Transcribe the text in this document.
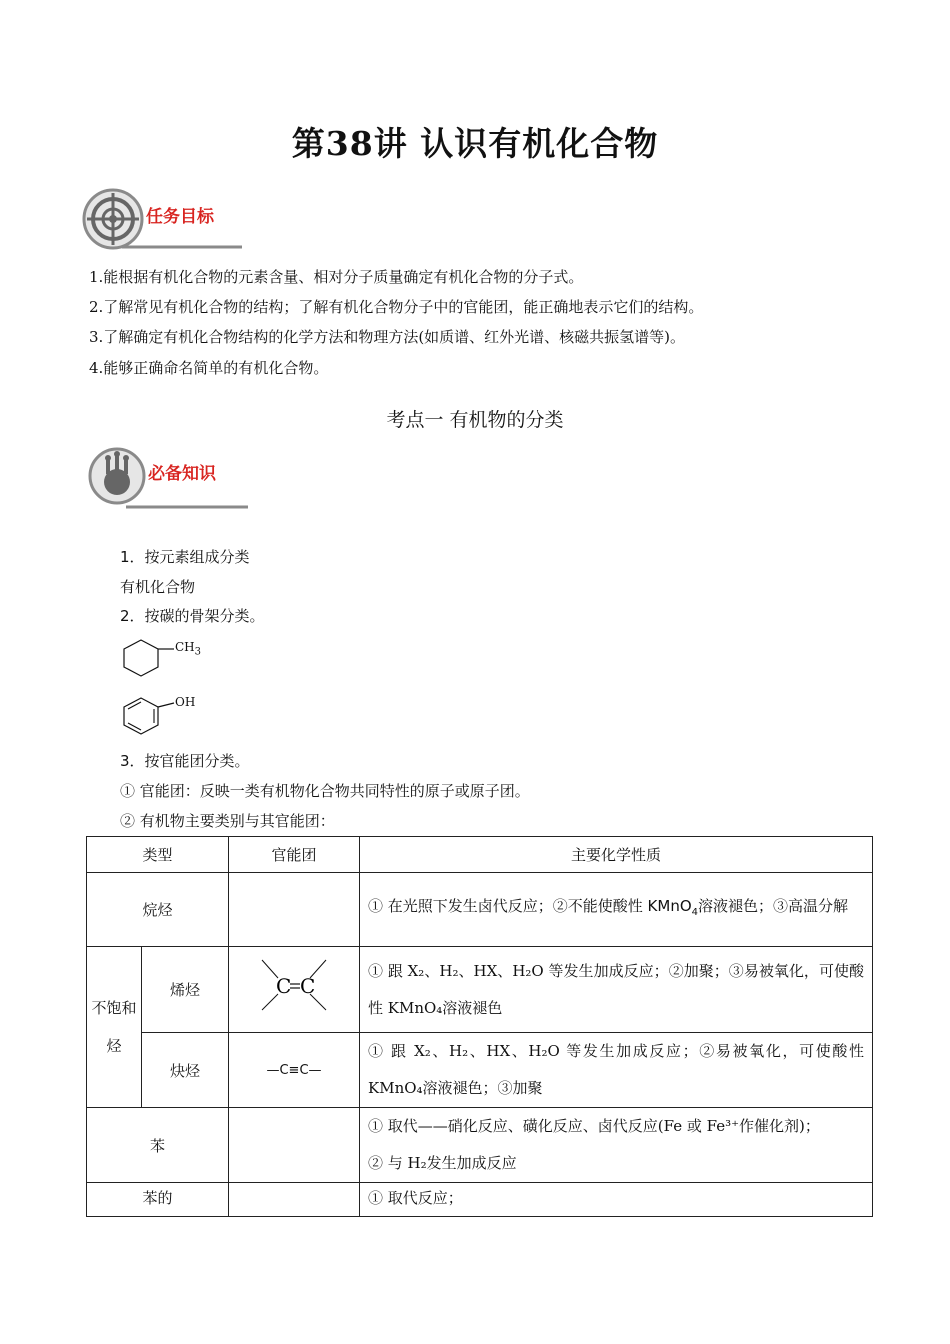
第38讲 认识有机化合物
任务目标
1.能根据有机化合物的元素含量、相对分子质量确定有机化合物的分子式。
2.了解常见有机化合物的结构；了解有机化合物分子中的官能团，能正确地表示它们的结构。
3.了解确定有机化合物结构的化学方法和物理方法(如质谱、红外光谱、核磁共振氢谱等)。
4.能够正确命名简单的有机化合物。
考点一 有机物的分类
必备知识
1．按元素组成分类
有机化合物
2．按碳的骨架分类。
$CH_3$
OH
3．按官能团分类。
① 官能团：反映一类有机物化合物共同特性的原子或原子团。
② 有机物主要类别与其官能团：
类型		官能团	主要化学性质
烷烃			① 在光照下发生卤代反应；②不能使酸性 KMnO$_4$溶液褪色；③高温分解
不饱和烃	烯烃	C C	① 跟 X₂、H₂、HX、H₂O 等发生加成反应；②加聚；③易被氧化，可使酸性 KMnO₄溶液褪色
	炔烃	—C≡C—	① 跟 X₂、H₂、HX、H₂O 等发生加成反应；②易被氧化，可使酸性 KMnO₄溶液褪色；③加聚
苯			① 取代——硝化反应、磺化反应、卤代反应(Fe 或 Fe³⁺作催化剂)；
② 与 H₂发生加成反应

苯的			① 取代反应；
